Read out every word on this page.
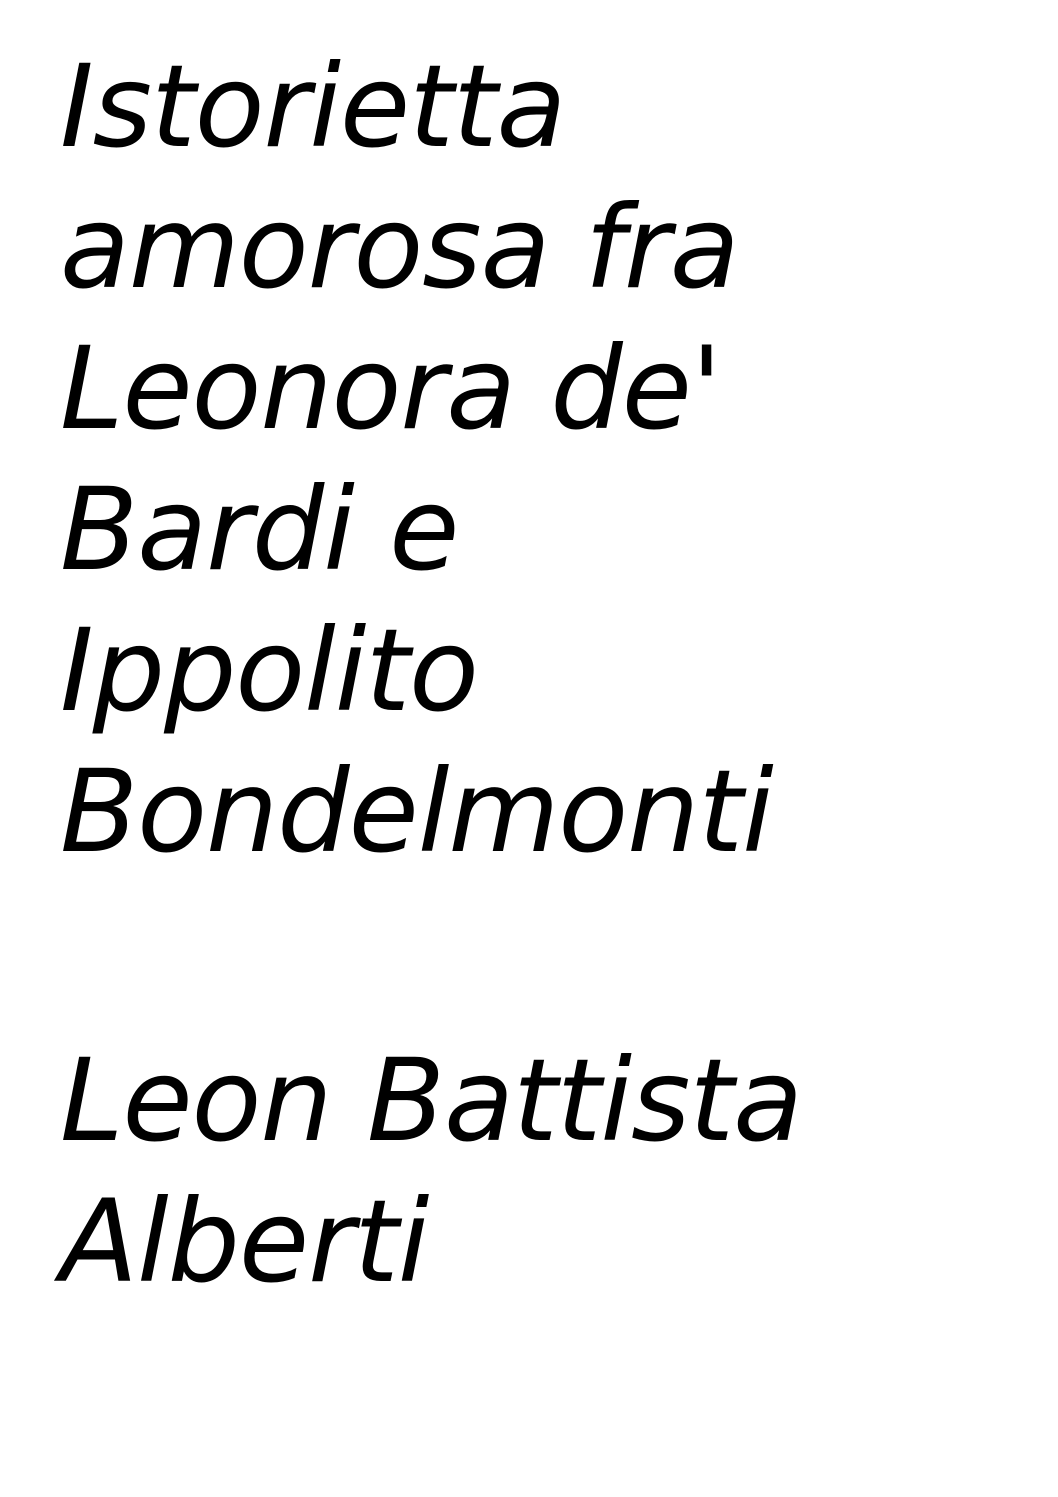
Istorietta
amorosa fra
Leonora de'
Bardi e
Ippolito
Bondelmonti
Leon Battista
Alberti
